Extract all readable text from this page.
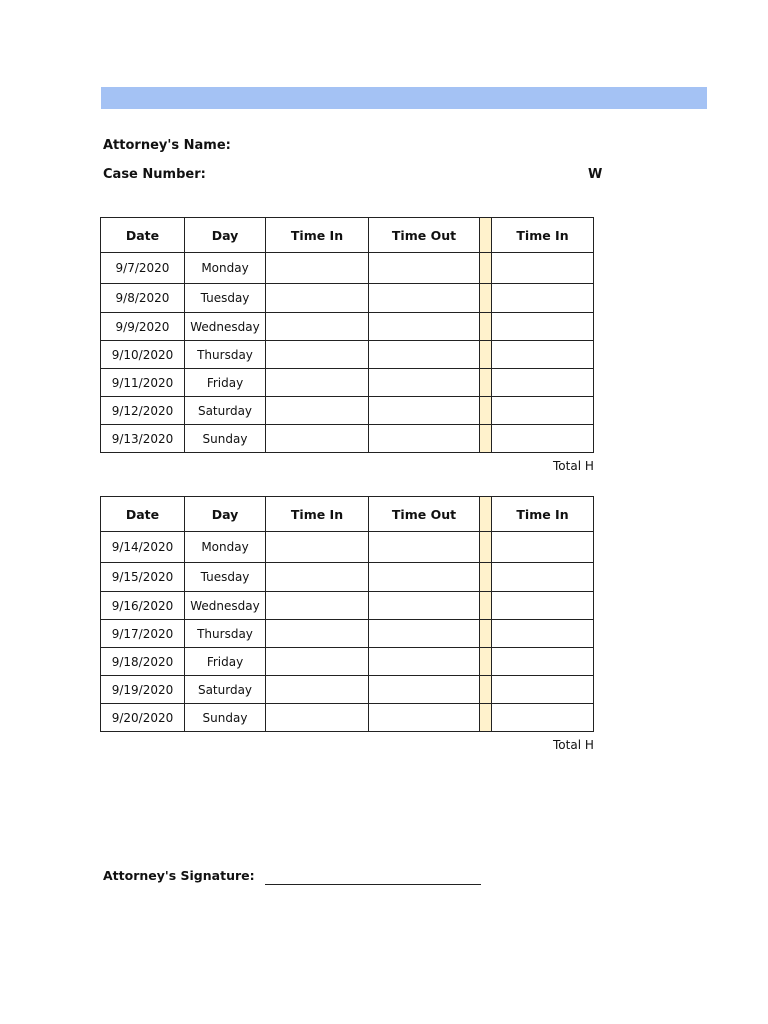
Attorney's Name:
Case Number:	W
Date	Day	Time In	Time Out		Time In
9/7/2020	Monday				
9/8/2020	Tuesday				
9/9/2020	Wednesday				
9/10/2020	Thursday				
9/11/2020	Friday				
9/12/2020	Saturday				
9/13/2020	Sunday				
Total H
Date	Day	Time In	Time Out		Time In
9/14/2020	Monday				
9/15/2020	Tuesday				
9/16/2020	Wednesday				
9/17/2020	Thursday				
9/18/2020	Friday				
9/19/2020	Saturday				
9/20/2020	Sunday				
Total H
Attorney's Signature:
